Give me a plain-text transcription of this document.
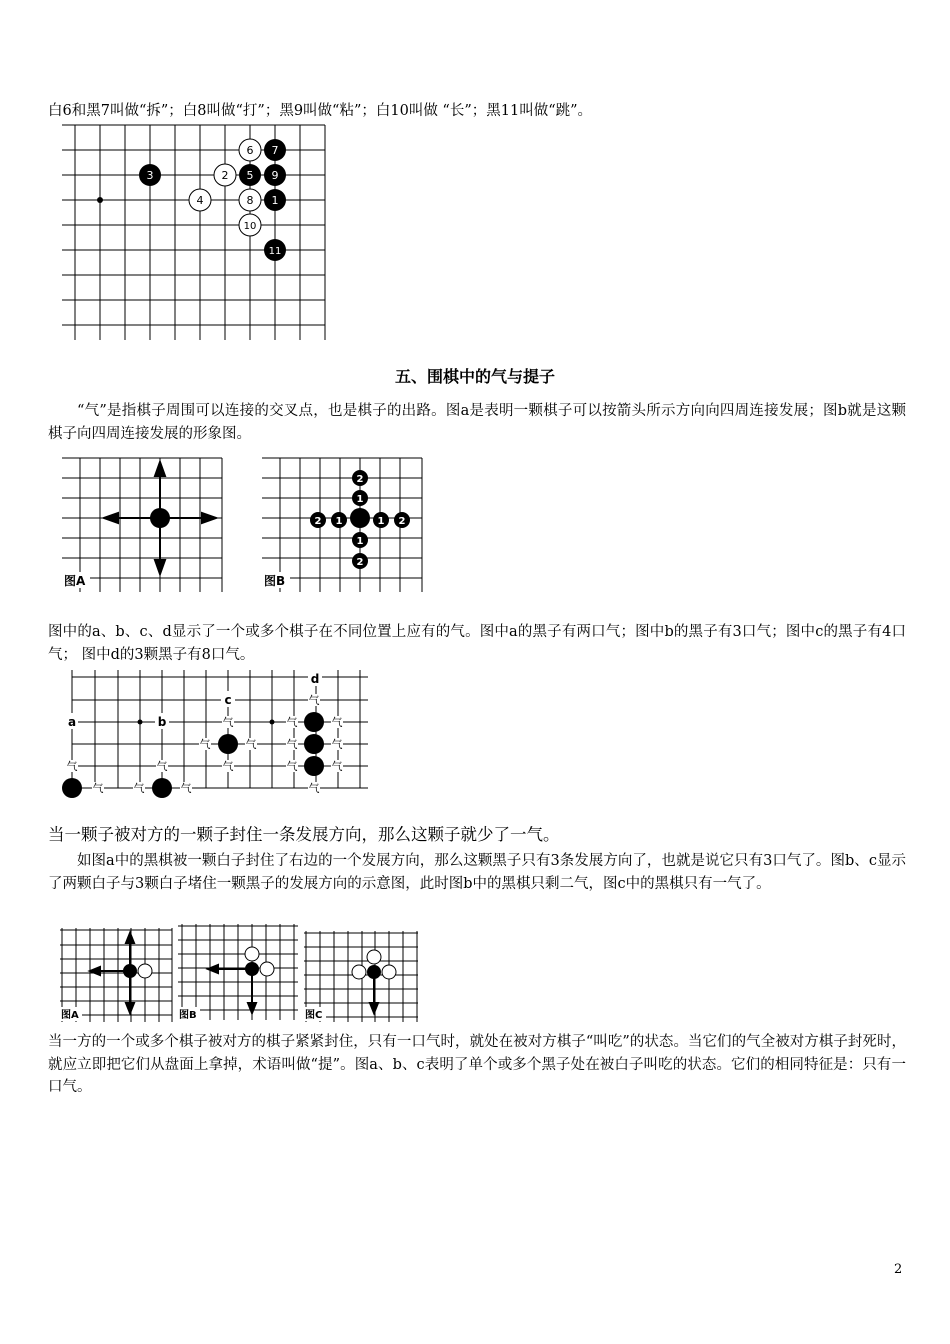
白6和黑7叫做“拆”；白8叫做“打”；黑9叫做“粘”；白10叫做 “长”；黑11叫做“跳”。
3	2
4
6 7
5 9
8 1
10
11
五、围棋中的气与提子
“气”是指棋子周围可以连接的交叉点，也是棋子的出路。图a是表明一颗棋子可以按箭头所示方向向四周连接发展；图b就是这颗棋子向四周连接发展的形象图。
图A
2
1
1
2
2 1	1 2
图B
图中的a、b、c、d显示了一个或多个棋子在不同位置上应有的气。图中a的黑子有两口气；图中b的黑子有3口气；图中c的黑子有4口气； 图中d的3颗黑子有8口气。
a	b
c
d
气
气	气
气
气
气
气	气
气
气
气	气
气	气
气	气
气
当一颗子被对方的一颗子封住一条发展方向，那么这颗子就少了一气。
如图a中的黑棋被一颗白子封住了右边的一个发展方向，那么这颗黑子只有3条发展方向了，也就是说它只有3口气了。图b、c显示了两颗白子与3颗白子堵住一颗黑子的发展方向的示意图，此时图b中的黑棋只剩二气，图c中的黑棋只有一气了。
图A	图B	图C
当一方的一个或多个棋子被对方的棋子紧紧封住，只有一口气时，就处在被对方棋子“叫吃”的状态。当它们的气全被对方棋子封死时，就应立即把它们从盘面上拿掉，术语叫做“提”。图a、b、c表明了单个或多个黑子处在被白子叫吃的状态。它们的相同特征是：只有一口气。
2
